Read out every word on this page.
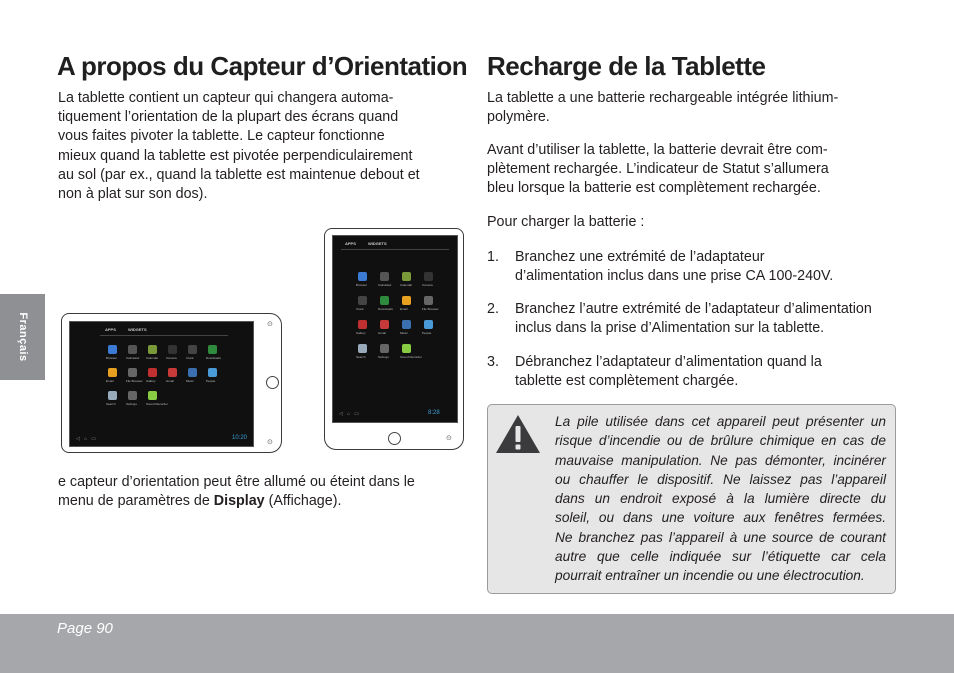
Français
A propos du Capteur d’Orientation
La tablette contient un capteur qui changera automa-
tiquement l’orientation de la plupart des écrans quand
vous faites pivoter la tablette. Le capteur fonctionne
mieux quand la tablette est pivotée perpendiculairement
au sol (par ex., quand la tablette est maintenue debout et
non à plat sur son dos).
APPS	WIDGETS
Browser	Calculator Calendar	Camera	Clock	Downloads
Email	File Browser Gallery	Gmail	Music	People
Search	Settings	Sound Recorder
10:20
◁   ⌂   ▭
⊙
⊙
APPS	WIDGETS
Browser	Calculator	Calendar	Camera
Clock	Downloads Email	File Browser
Gallery	Gmail	Music	People
Search	Settings	Sound Recorder
8:28
◁   ⌂   ▭
⊙
e capteur d’orientation peut être allumé ou éteint dans le
menu de paramètres de Display (Affichage).
Recharge de la Tablette
La tablette a une batterie rechargeable intégrée lithium-
polymère.
Avant d’utiliser la tablette, la batterie devrait être com-
plètement rechargée. L’indicateur de Statut s’allumera
bleu lorsque la batterie est complètement rechargée.
Pour charger la batterie :
1. Branchez une extrémité de l’adaptateur
d’alimentation inclus dans une prise CA 100-240V.
2. Branchez l’autre extrémité de l’adaptateur d’alimentation
inclus dans la prise d’Alimentation sur la tablette.
3. Débranchez l’adaptateur d’alimentation quand la
tablette est complètement chargée.
La pile utilisée dans cet appareil peut présenter un
risque d’incendie ou de brûlure chimique en cas de
mauvaise manipulation. Ne pas démonter, incinérer
ou chauffer le dispositif. Ne laissez pas l’appareil
dans un endroit exposé à la lumière directe du
soleil, ou dans une voiture aux fenêtres fermées.
Ne branchez pas l’appareil à une source de courant
autre que celle indiquée sur l’étiquette car cela
pourrait entraîner un incendie ou une électrocution.
Page 90
